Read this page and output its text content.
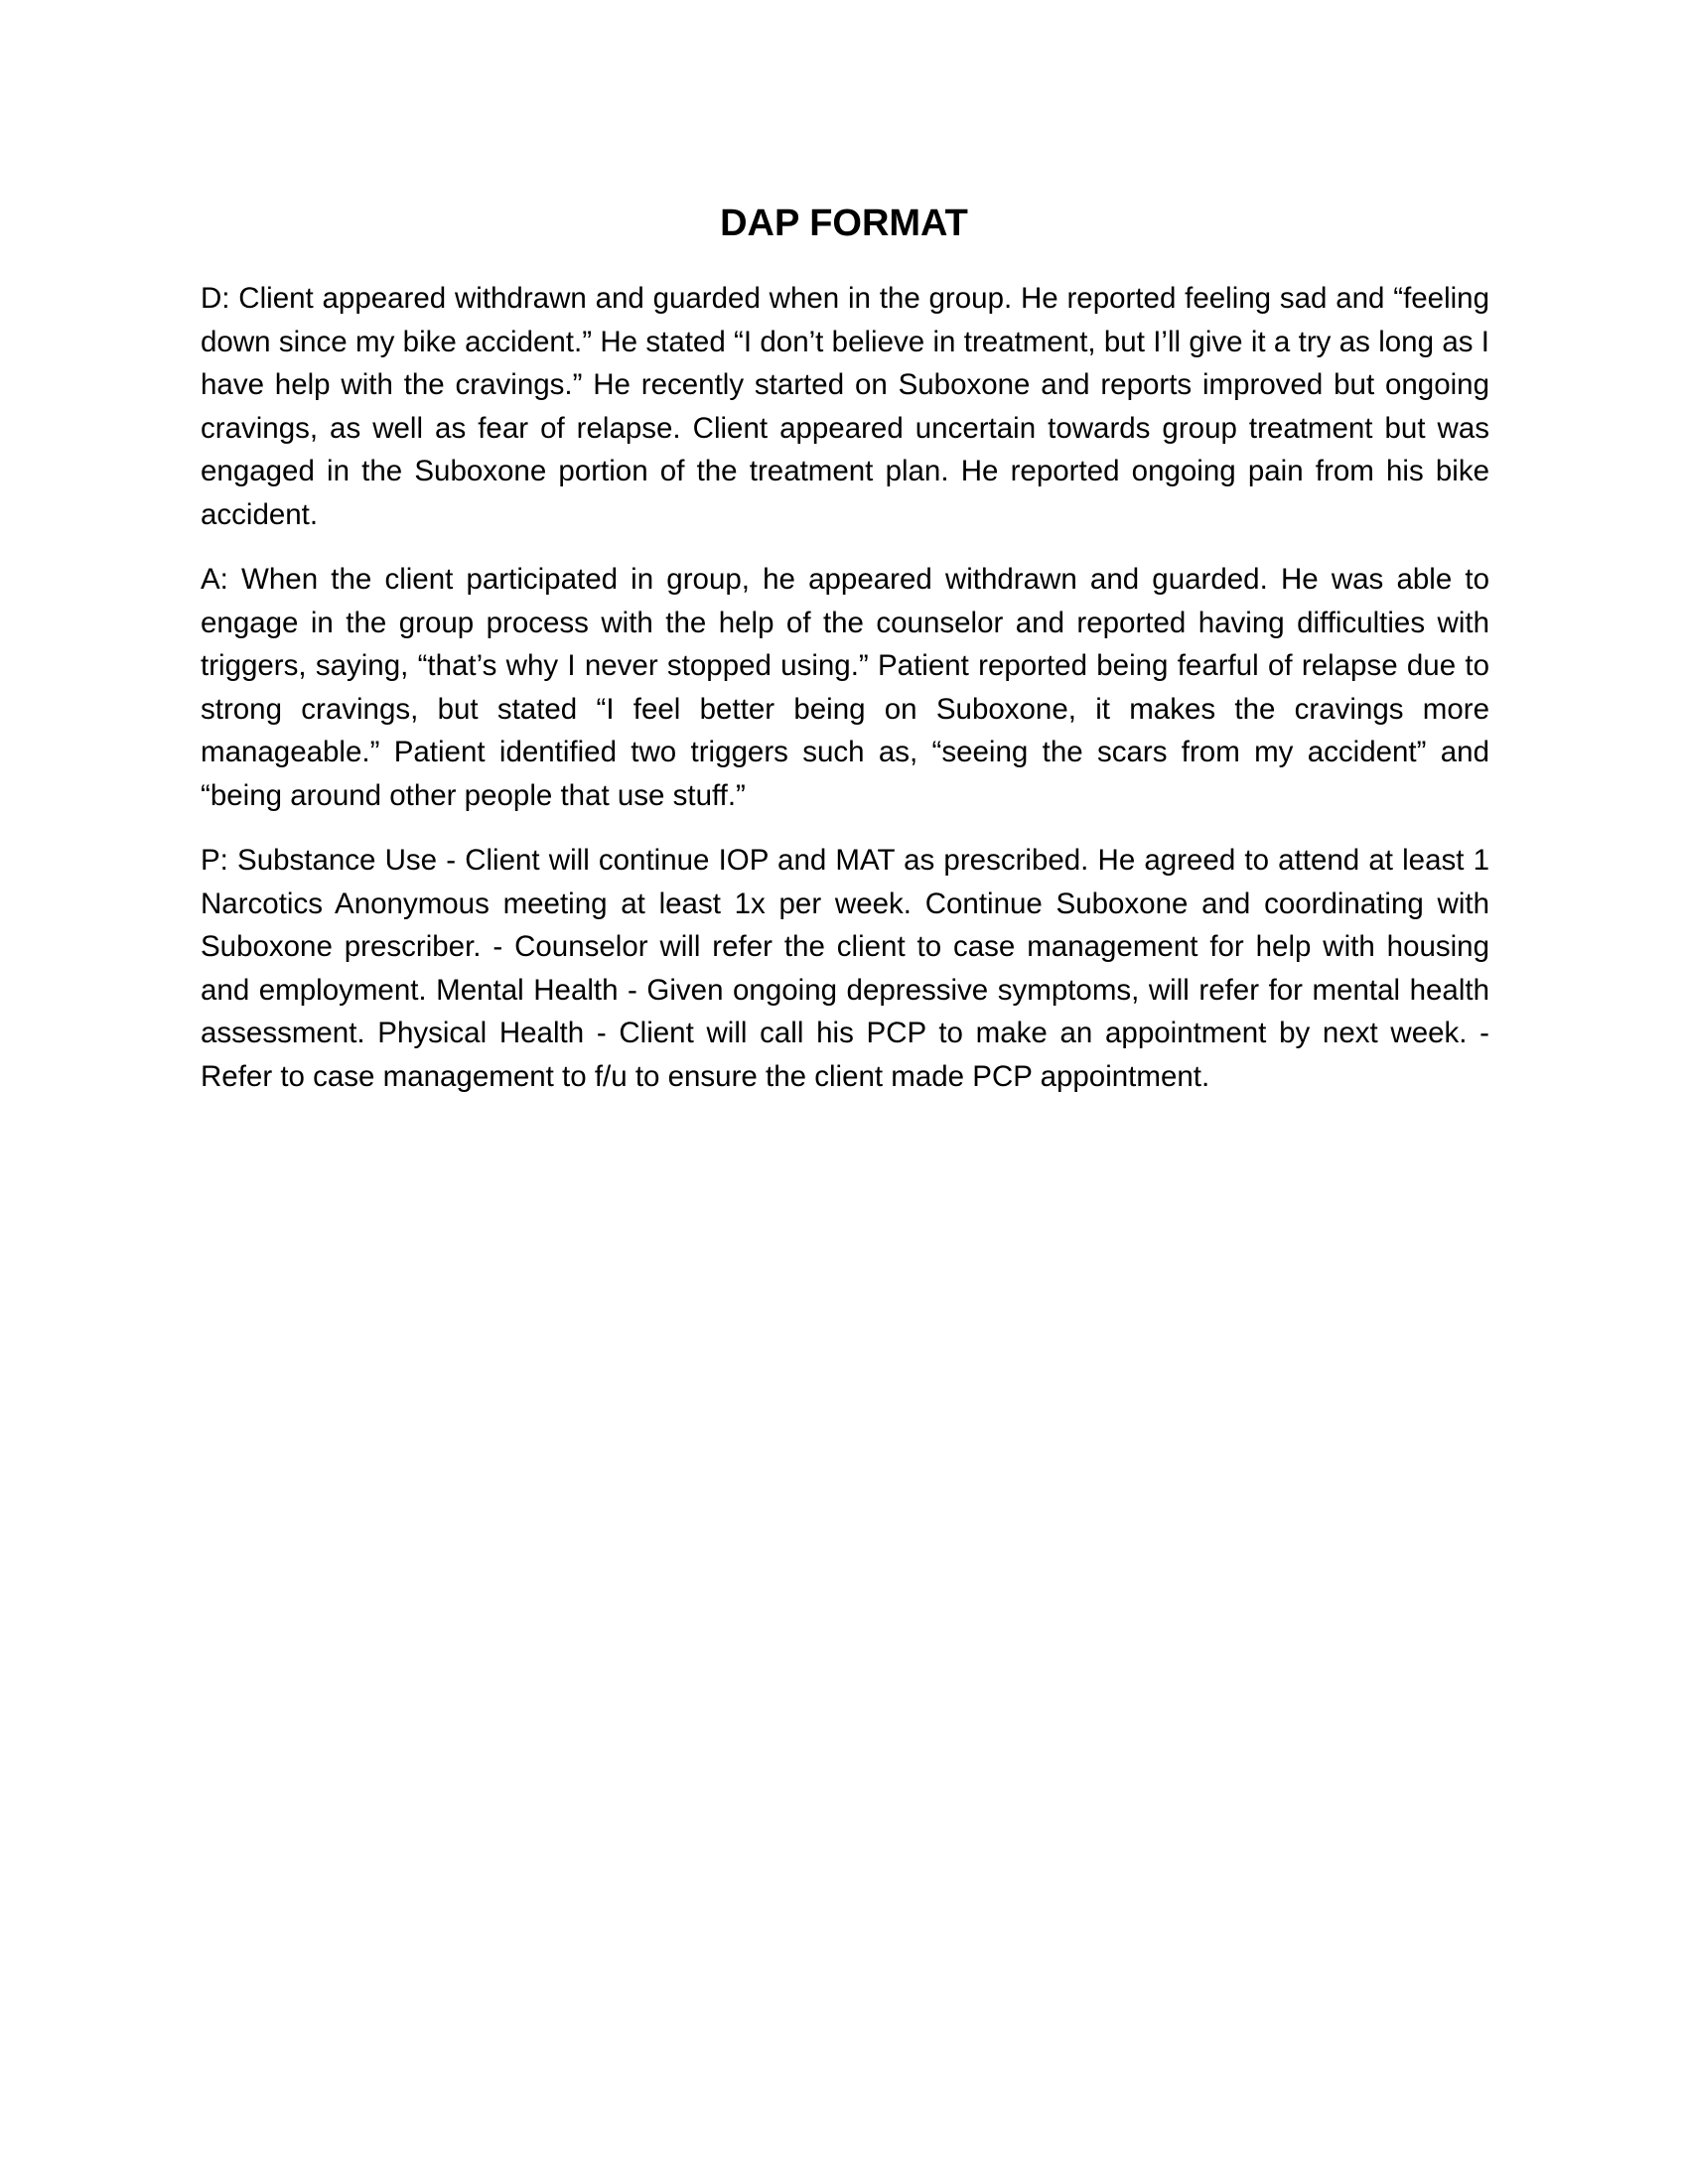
DAP FORMAT

D: Client appeared withdrawn and guarded when in the group. He reported feeling sad and “feeling down since my bike accident.” He stated “I don’t believe in treatment, but I’ll give it a try as long as I have help with the cravings.” He recently started on Suboxone and reports improved but ongoing cravings, as well as fear of relapse. Client appeared uncertain towards group treatment but was engaged in the Suboxone portion of the treatment plan. He reported ongoing pain from his bike accident.

A: When the client participated in group, he appeared withdrawn and guarded. He was able to engage in the group process with the help of the counselor and reported having difficulties with triggers, saying, “that’s why I never stopped using.” Patient reported being fearful of relapse due to strong cravings, but stated “I feel better being on Suboxone, it makes the cravings more manageable.” Patient identified two triggers such as, “seeing the scars from my accident” and “being around other people that use stuff.”

P: Substance Use - Client will continue IOP and MAT as prescribed. He agreed to attend at least 1 Narcotics Anonymous meeting at least 1x per week. Continue Suboxone and coordinating with Suboxone prescriber. - Counselor will refer the client to case management for help with housing and employment. Mental Health - Given ongoing depressive symptoms, will refer for mental health assessment. Physical Health - Client will call his PCP to make an appointment by next week. - Refer to case management to f/u to ensure the client made PCP appointment.
